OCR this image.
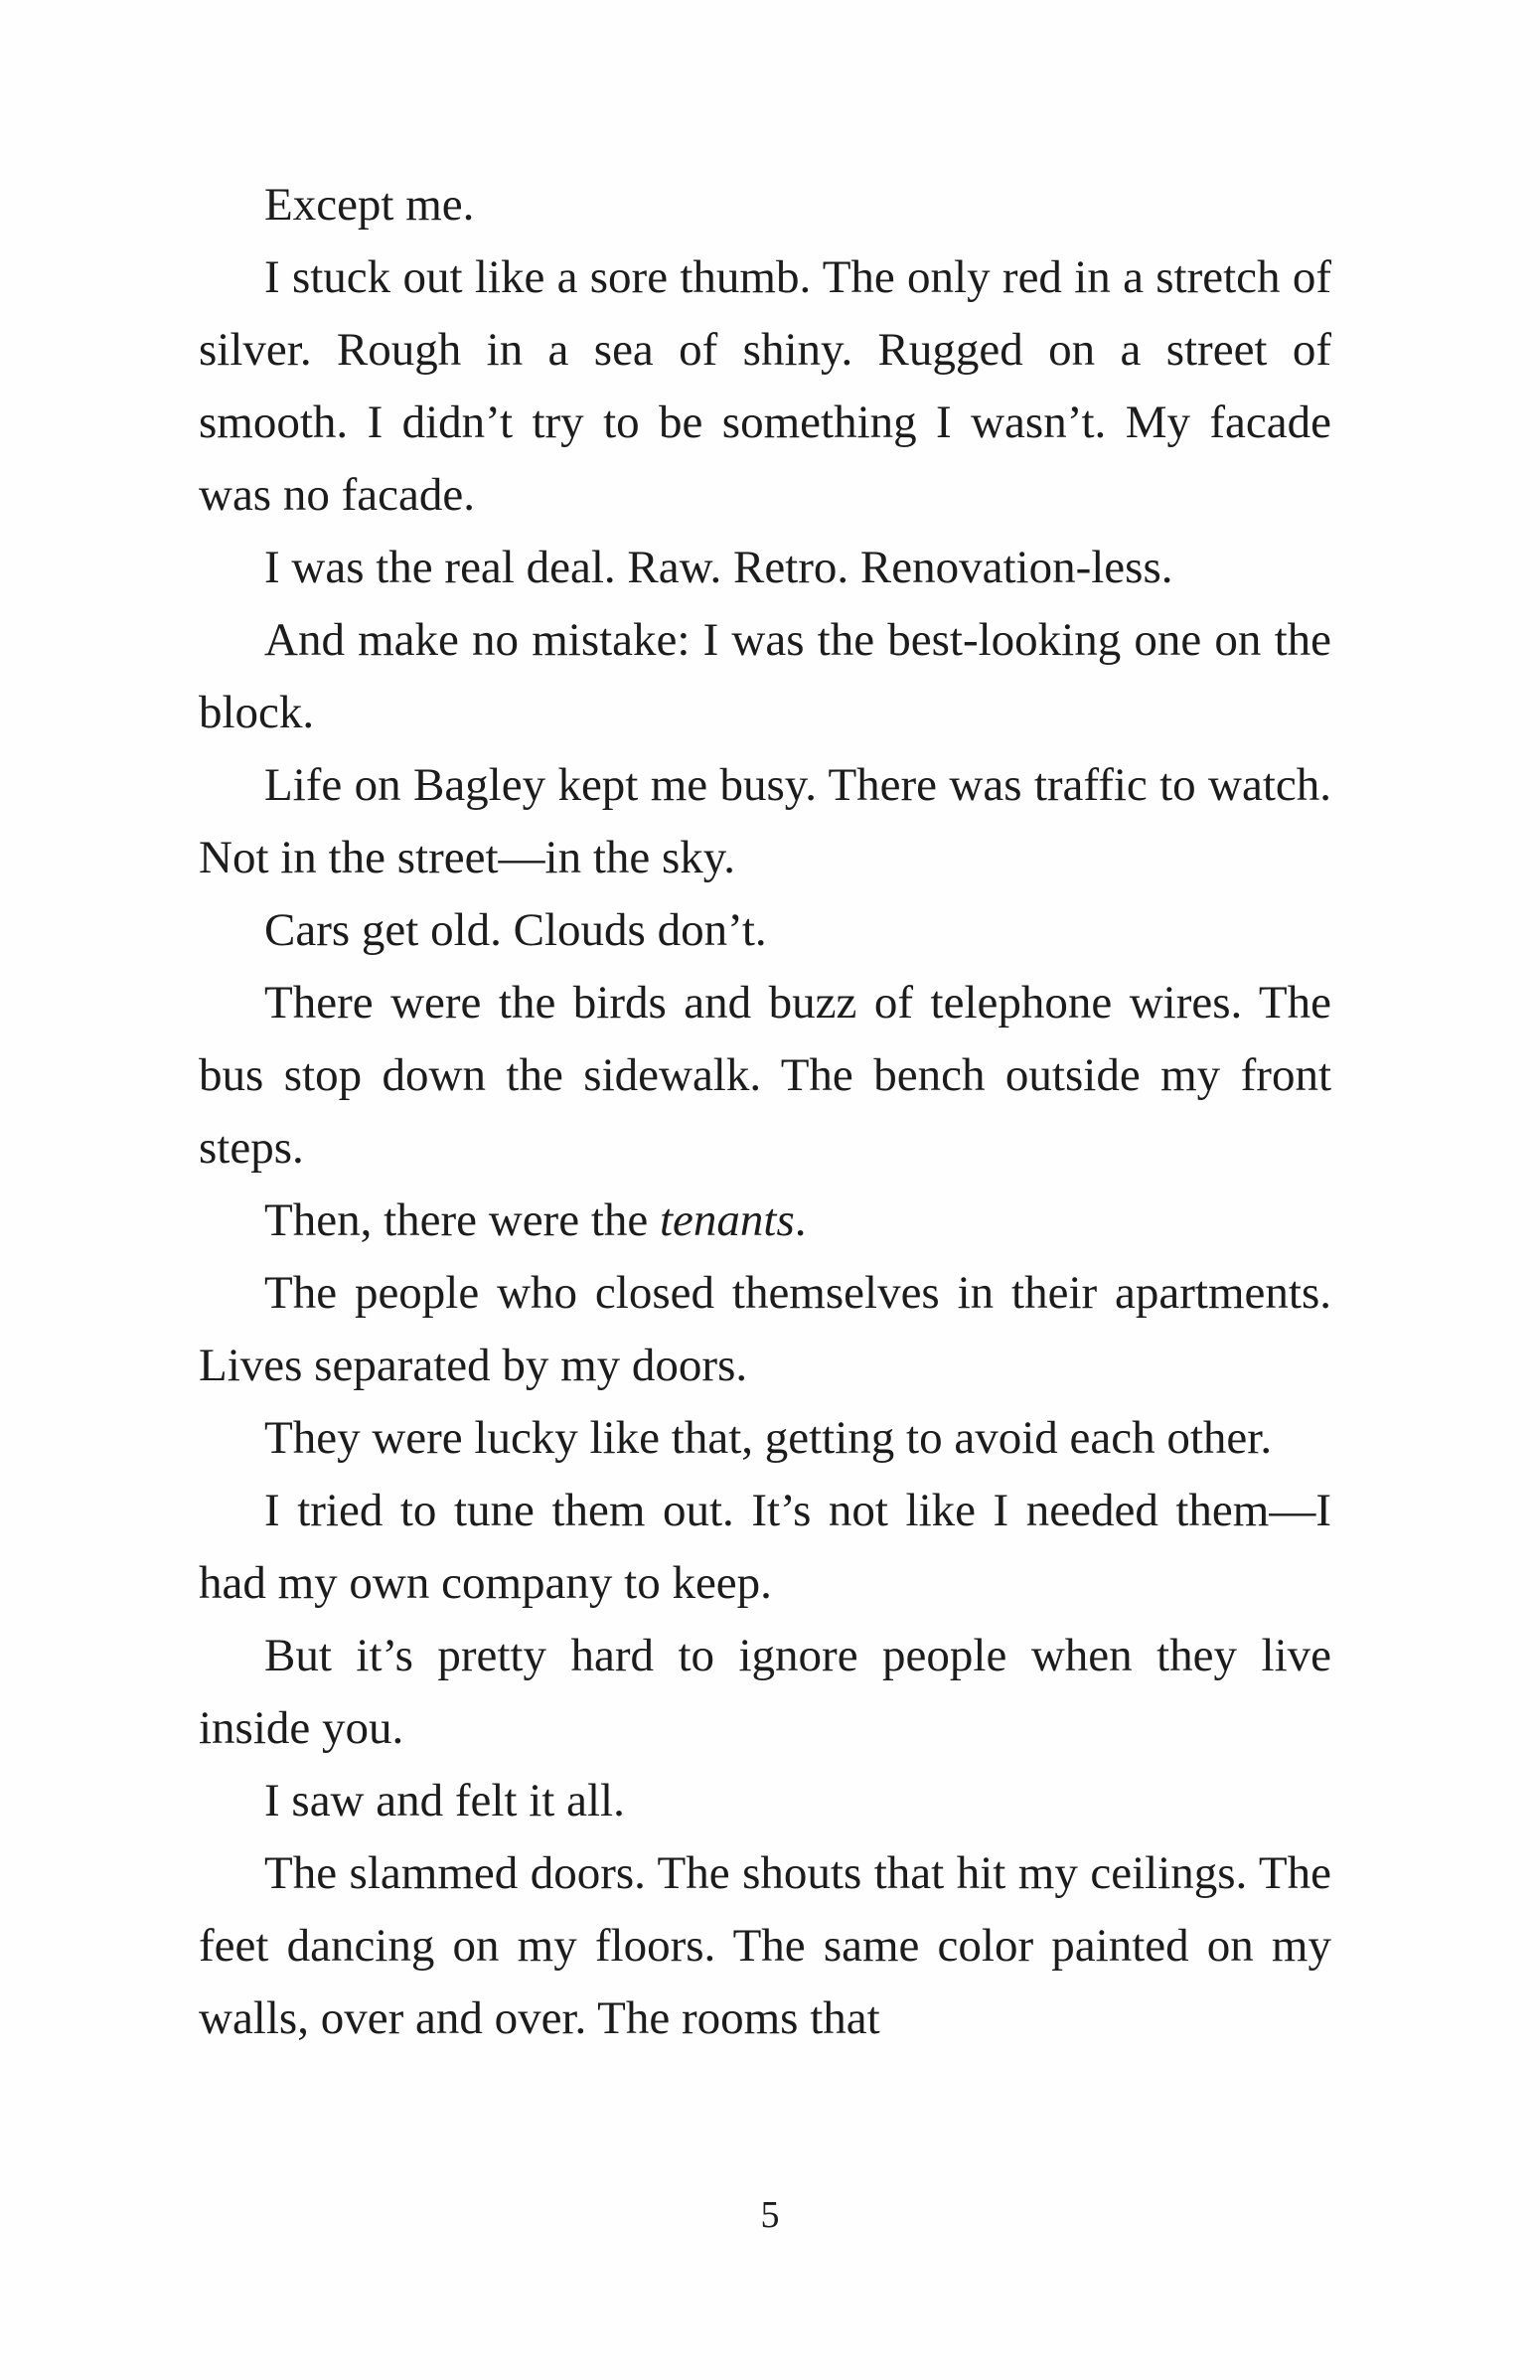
Except me.

I stuck out like a sore thumb. The only red in a stretch of silver. Rough in a sea of shiny. Rugged on a street of smooth. I didn’t try to be something I wasn’t. My facade was no facade.

I was the real deal. Raw. Retro. Renovation-less.

And make no mistake: I was the best-looking one on the block.

Life on Bagley kept me busy. There was traffic to watch. Not in the street—in the sky.

Cars get old. Clouds don’t.

There were the birds and buzz of telephone wires. The bus stop down the sidewalk. The bench outside my front steps.

Then, there were the tenants.

The people who closed themselves in their apartments. Lives separated by my doors.

They were lucky like that, getting to avoid each other.

I tried to tune them out. It’s not like I needed them—I had my own company to keep.

But it’s pretty hard to ignore people when they live inside you.

I saw and felt it all.

The slammed doors. The shouts that hit my ceilings. The feet dancing on my floors. The same color painted on my walls, over and over. The rooms that

5
